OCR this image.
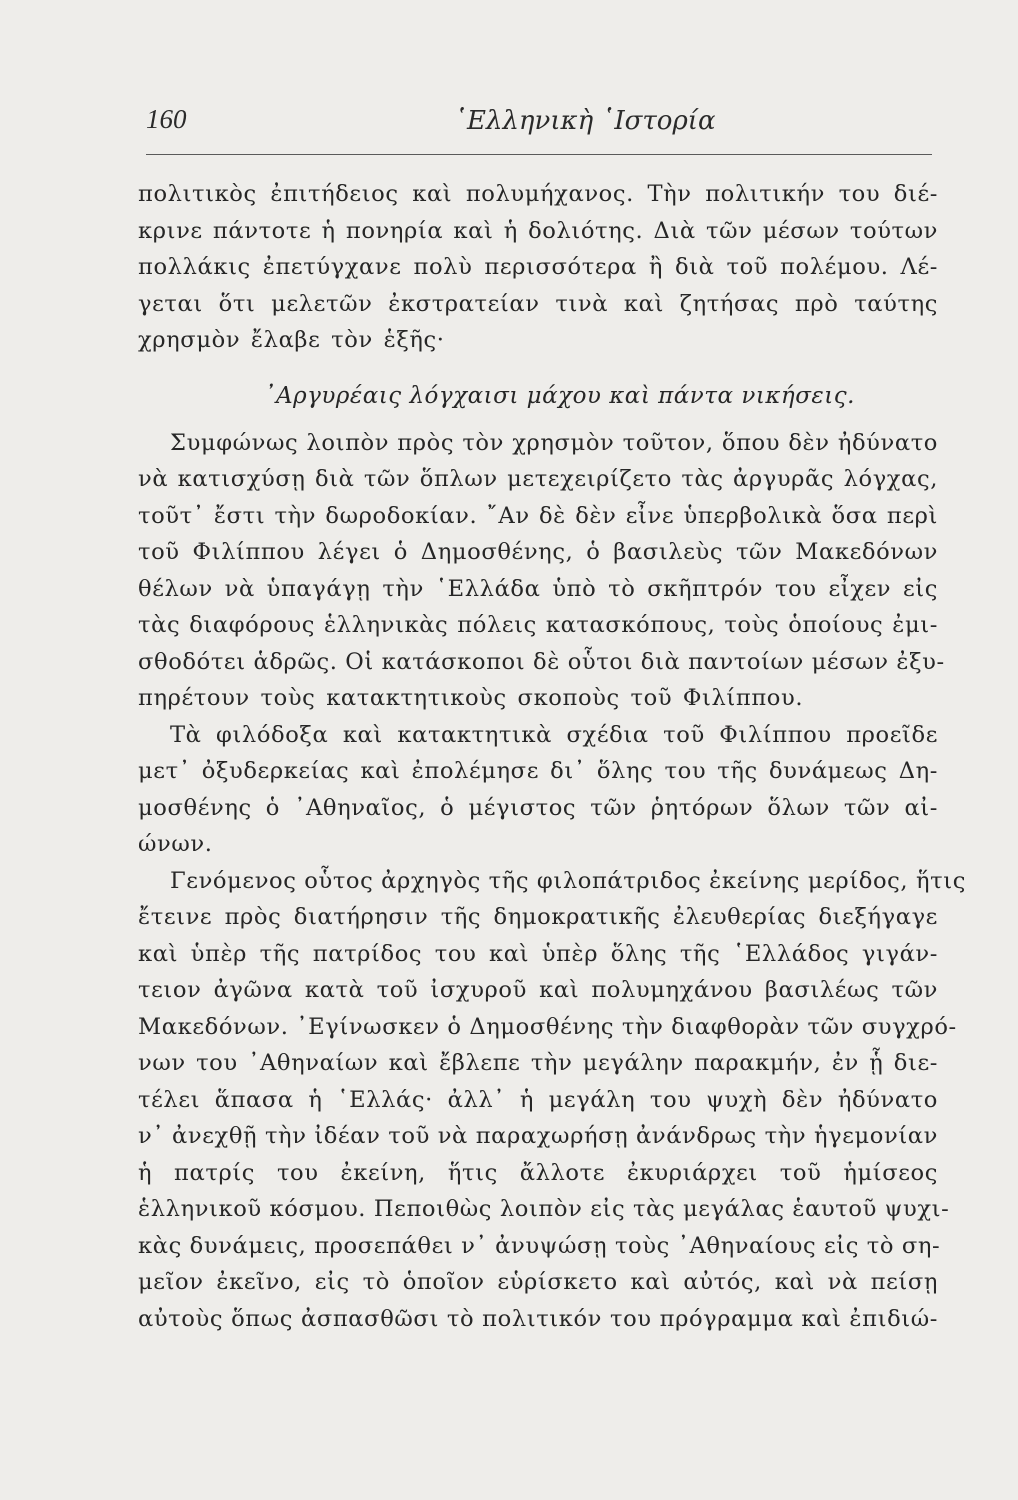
160	῾Ελληνικὴ ῾Ιστορία
πολιτικὸς ἐπιτήδειος καὶ πολυμήχανος. Τὴν πολιτικήν του διέ-
κρινε πάντοτε ἡ πονηρία καὶ ἡ δολιότης. Διὰ τῶν μέσων τούτων
πολλάκις ἐπετύγχανε πολὺ περισσότερα ἢ διὰ τοῦ πολέμου. Λέ-
γεται ὅτι μελετῶν ἐκστρατείαν τινὰ καὶ ζητήσας πρὸ ταύτης
χρησμὸν ἔλαβε τὸν ἑξῆς·
᾿Αργυρέαις λόγχαισι μάχου καὶ πάντα νικήσεις.
Συμφώνως λοιπὸν πρὸς τὸν χρησμὸν τοῦτον, ὅπου δὲν ἠδύνατο
νὰ κατισχύσῃ διὰ τῶν ὅπλων μετεχειρίζετο τὰς ἀργυρᾶς λόγχας,
τοῦτ᾿ ἔστι τὴν δωροδοκίαν. ῎Αν δὲ δὲν εἶνε ὑπερβολικὰ ὅσα περὶ
τοῦ Φιλίππου λέγει ὁ Δημοσθένης, ὁ βασιλεὺς τῶν Μακεδόνων
θέλων νὰ ὑπαγάγῃ τὴν ῾Ελλάδα ὑπὸ τὸ σκῆπτρόν του εἶχεν εἰς
τὰς διαφόρους ἑλληνικὰς πόλεις κατασκόπους, τοὺς ὁποίους ἐμι-
σθοδότει ἁδρῶς. Οἱ κατάσκοποι δὲ οὗτοι διὰ παντοίων μέσων ἐξυ-
πηρέτουν τοὺς κατακτητικοὺς σκοποὺς τοῦ Φιλίππου.
Τὰ φιλόδοξα καὶ κατακτητικὰ σχέδια τοῦ Φιλίππου προεῖδε
μετ᾿ ὀξυδερκείας καὶ ἐπολέμησε δι᾿ ὅλης του τῆς δυνάμεως Δη-
μοσθένης ὁ ᾿Αθηναῖος, ὁ μέγιστος τῶν ῥητόρων ὅλων τῶν αἰ-
ώνων.
Γενόμενος οὗτος ἀρχηγὸς τῆς φιλοπάτριδος ἐκείνης μερίδος, ἥτις
ἔτεινε πρὸς διατήρησιν τῆς δημοκρατικῆς ἐλευθερίας διεξήγαγε
καὶ ὑπὲρ τῆς πατρίδος του καὶ ὑπὲρ ὅλης τῆς ῾Ελλάδος γιγάν-
τειον ἀγῶνα κατὰ τοῦ ἰσχυροῦ καὶ πολυμηχάνου βασιλέως τῶν
Μακεδόνων. ᾿Εγίνωσκεν ὁ Δημοσθένης τὴν διαφθορὰν τῶν συγχρό-
νων του ᾿Αθηναίων καὶ ἔβλεπε τὴν μεγάλην παρακμήν, ἐν ᾗ διε-
τέλει ἅπασα ἡ ῾Ελλάς· ἀλλ᾿ ἡ μεγάλη του ψυχὴ δὲν ἠδύνατο
ν᾿ ἀνεχθῇ τὴν ἰδέαν τοῦ νὰ παραχωρήσῃ ἀνάνδρως τὴν ἡγεμονίαν
ἡ πατρίς του ἐκείνη, ἥτις ἄλλοτε ἐκυριάρχει τοῦ ἡμίσεος
ἑλληνικοῦ κόσμου. Πεποιθὼς λοιπὸν εἰς τὰς μεγάλας ἑαυτοῦ ψυχι-
κὰς δυνάμεις, προσεπάθει ν᾿ ἀνυψώσῃ τοὺς ᾿Αθηναίους εἰς τὸ ση-
μεῖον ἐκεῖνο, εἰς τὸ ὁποῖον εὑρίσκετο καὶ αὐτός, καὶ νὰ πείσῃ
αὐτοὺς ὅπως ἀσπασθῶσι τὸ πολιτικόν του πρόγραμμα καὶ ἐπιδιώ-
